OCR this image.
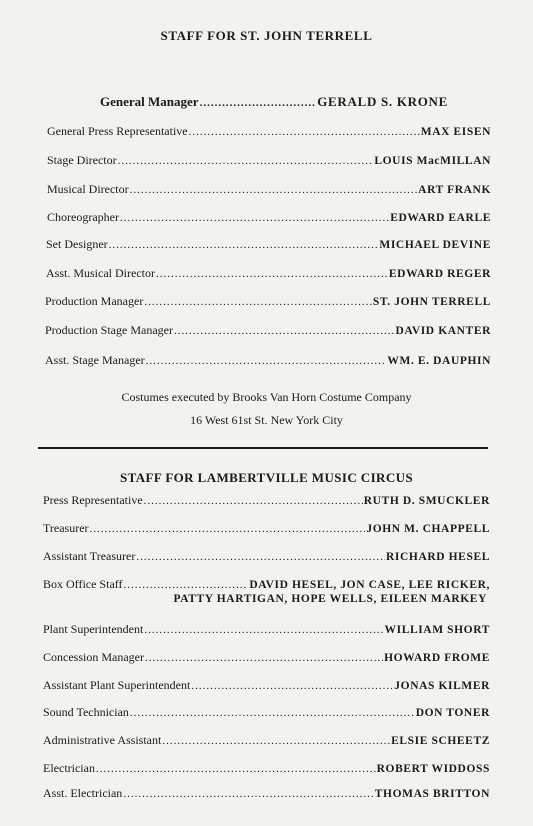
STAFF FOR ST. JOHN TERRELL
General Manager .....	GERALD S. KRONE
General Press Representative .....	MAX EISEN
Stage Director .....	LOUIS MacMILLAN
Musical Director .....	ART FRANK
Choreographer .....	EDWARD EARLE
Set Designer .....	MICHAEL DEVINE
Asst. Musical Director .....	EDWARD REGER
Production Manager .....	ST. JOHN TERRELL
Production Stage Manager .....	DAVID KANTER
Asst. Stage Manager .....	WM. E. DAUPHIN
Costumes executed by Brooks Van Horn Costume Company
16 West 61st St. New York City
STAFF FOR LAMBERTVILLE MUSIC CIRCUS
Press Representative .....	RUTH D. SMUCKLER
Treasurer .....	JOHN M. CHAPPELL
Assistant Treasurer .....	RICHARD HESEL
Box Office Staff .....	DAVID HESEL, JON CASE, LEE RICKER,
PATTY HARTIGAN, HOPE WELLS, EILEEN MARKEY
Plant Superintendent .....	WILLIAM SHORT
Concession Manager .....	HOWARD FROME
Assistant Plant Superintendent .....	JONAS KILMER
Sound Technician .....	DON TONER
Administrative Assistant .....	ELSIE SCHEETZ
Electrician .....	ROBERT WIDDOSS
Asst. Electrician .....	THOMAS BRITTON
